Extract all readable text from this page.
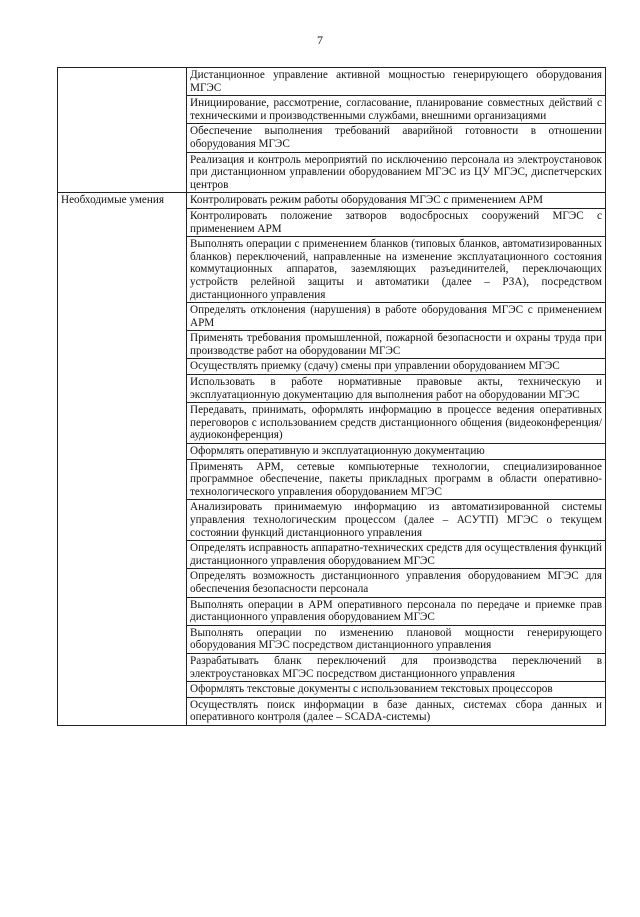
7
	Дистанционное управление активной мощностью генерирующего оборудования МГЭС
	Инициирование, рассмотрение, согласование, планирование совместных действий с техническими и производственными службами, внешними организациями
	Обеспечение выполнения требований аварийной готовности в отношении оборудования МГЭС
	Реализация и контроль мероприятий по исключению персонала из электроустановок при дистанционном управлении оборудованием МГЭС из ЦУ МГЭС, диспетчерских центров
Необходимые умения	Контролировать режим работы оборудования МГЭС с применением АРМ
	Контролировать положение затворов водосбросных сооружений МГЭС с применением АРМ
	Выполнять операции с применением бланков (типовых бланков, автоматизированных бланков) переключений, направленные на изменение эксплуатационного состояния коммутационных аппаратов, заземляющих разъединителей, переключающих устройств релейной защиты и автоматики (далее – РЗА), посредством дистанционного управления
	Определять отклонения (нарушения) в работе оборудования МГЭС с применением АРМ
	Применять требования промышленной, пожарной безопасности и охраны труда при производстве работ на оборудовании МГЭС
	Осуществлять приемку (сдачу) смены при управлении оборудованием МГЭС
	Использовать в работе нормативные правовые акты, техническую и эксплуатационную документацию для выполнения работ на оборудовании МГЭС
	Передавать, принимать, оформлять информацию в процессе ведения оперативных переговоров с использованием средств дистанционного общения (видеоконференция/аудиоконференция)
	Оформлять оперативную и эксплуатационную документацию
	Применять АРМ, сетевые компьютерные технологии, специализированное программное обеспечение, пакеты прикладных программ в области оперативно-технологического управления оборудованием МГЭС
	Анализировать принимаемую информацию из автоматизированной системы управления технологическим процессом (далее – АСУТП) МГЭС о текущем состоянии функций дистанционного управления
	Определять исправность аппаратно-технических средств для осуществления функций дистанционного управления оборудованием МГЭС
	Определять возможность дистанционного управления оборудованием МГЭС для обеспечения безопасности персонала
	Выполнять операции в АРМ оперативного персонала по передаче и приемке прав дистанционного управления оборудованием МГЭС
	Выполнять операции по изменению плановой мощности генерирующего оборудования МГЭС посредством дистанционного управления
	Разрабатывать бланк переключений для производства переключений в электроустановках МГЭС посредством дистанционного управления
	Оформлять текстовые документы с использованием текстовых процессоров
	Осуществлять поиск информации в базе данных, системах сбора данных и оперативного контроля (далее – SCADA-системы)
